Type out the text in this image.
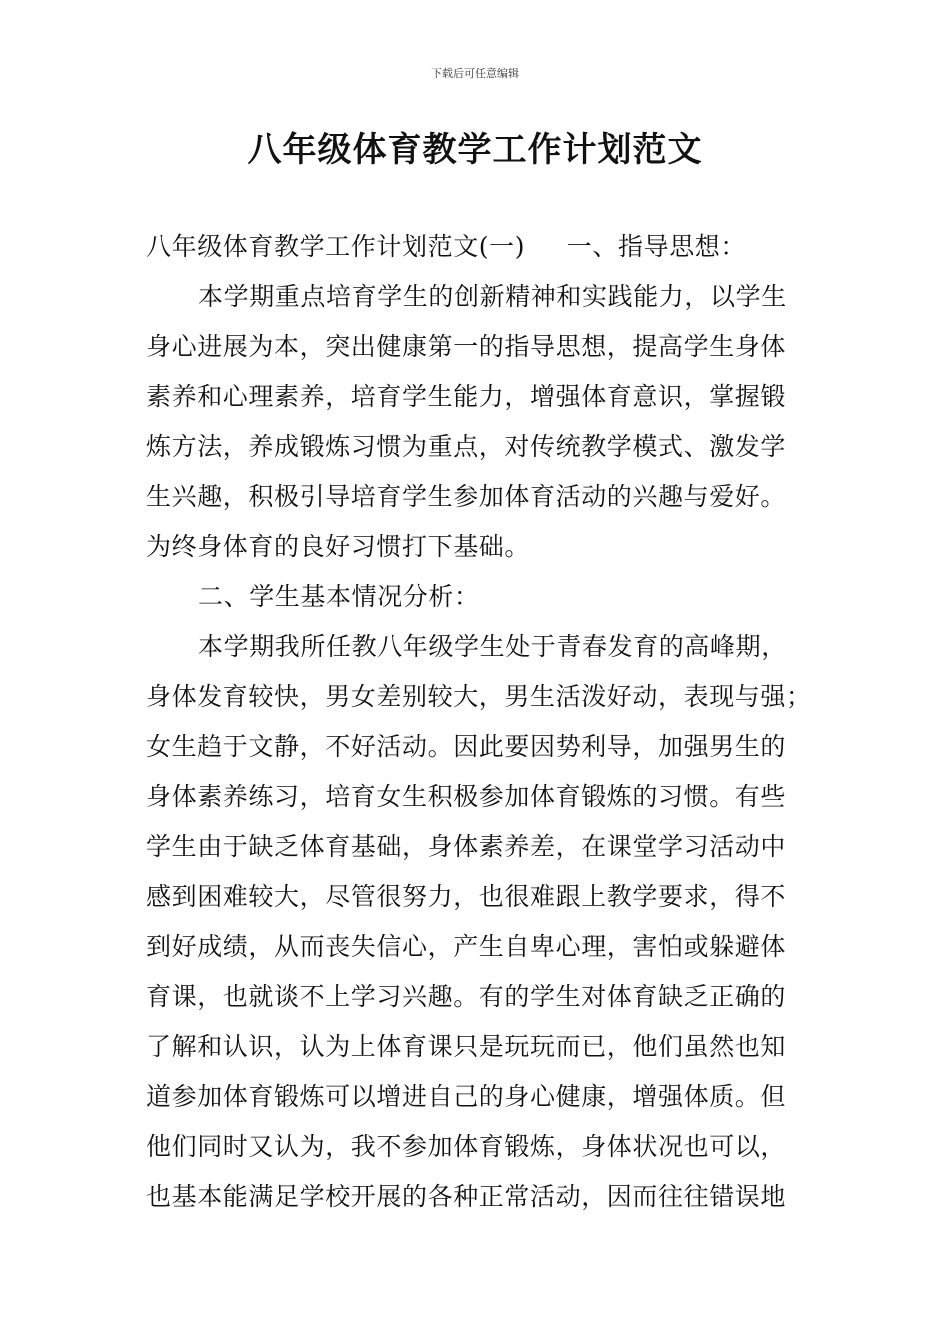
下载后可任意编辑
八年级体育教学工作计划范文
八年级体育教学工作计划范文(一)	一、指导思想：
本学期重点培育学生的创新精神和实践能力，以学生
身心进展为本，突出健康第一的指导思想，提高学生身体
素养和心理素养，培育学生能力，增强体育意识，掌握锻
炼方法，养成锻炼习惯为重点，对传统教学模式、激发学
生兴趣，积极引导培育学生参加体育活动的兴趣与爱好。
为终身体育的良好习惯打下基础。
二、学生基本情况分析：
本学期我所任教八年级学生处于青春发育的高峰期，
身体发育较快，男女差别较大，男生活泼好动，表现与强；
女生趋于文静，不好活动。因此要因势利导，加强男生的
身体素养练习，培育女生积极参加体育锻炼的习惯。有些
学生由于缺乏体育基础，身体素养差，在课堂学习活动中
感到困难较大，尽管很努力，也很难跟上教学要求，得不
到好成绩，从而丧失信心，产生自卑心理，害怕或躲避体
育课，也就谈不上学习兴趣。有的学生对体育缺乏正确的
了解和认识，认为上体育课只是玩玩而已，他们虽然也知
道参加体育锻炼可以增进自己的身心健康，增强体质。但
他们同时又认为，我不参加体育锻炼，身体状况也可以，
也基本能满足学校开展的各种正常活动，因而往往错误地
